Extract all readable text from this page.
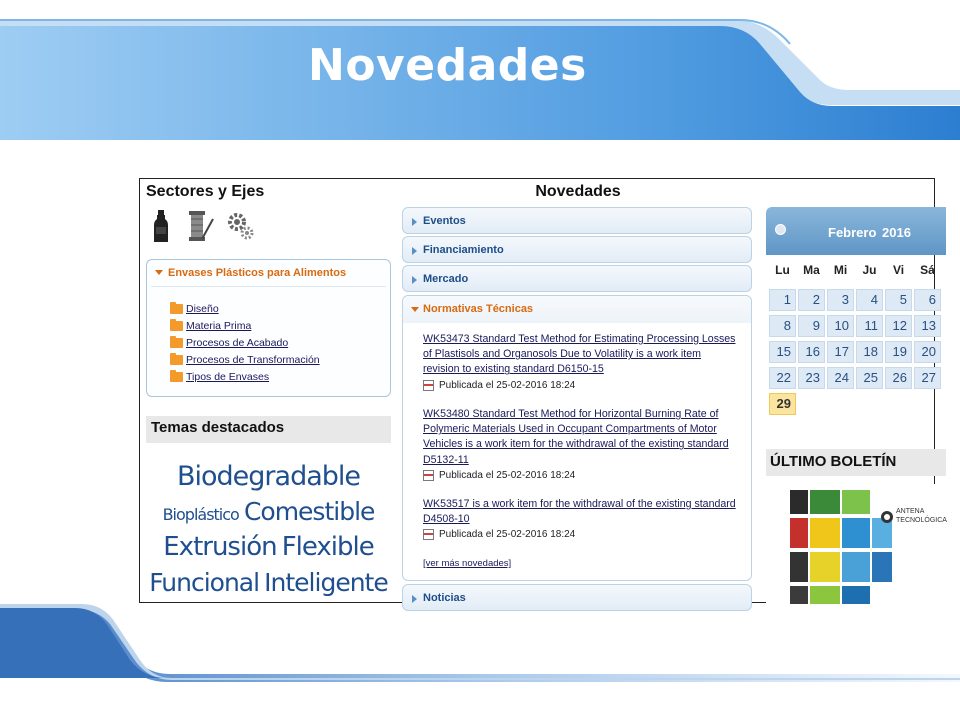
Novedades
Sectores y Ejes
Envases Plásticos para Alimentos
Diseño
Materia Prima
Procesos de Acabado
Procesos de Transformación
Tipos de Envases
Temas destacados
Biodegradable
Bioplástico Comestible
Extrusión Flexible
Funcional Inteligente
Novedades
Eventos
Financiamiento
Mercado
Normativas Técnicas
WK53473 Standard Test Method for Estimating Processing Losses of Plastisols and Organosols Due to Volatility is a work item revision to existing standard D6150-15
Publicada el 25-02-2016 18:24
WK53480 Standard Test Method for Horizontal Burning Rate of Polymeric Materials Used in Occupant Compartments of Motor Vehicles is a work item for the withdrawal of the existing standard D5132-11
Publicada el 25-02-2016 18:24
WK53517 is a work item for the withdrawal of the existing standard D4508-10
Publicada el 25-02-2016 18:24
[ver más novedades]
Noticias
Febrero 2016
Lu	Ma	Mi	Ju	Vi	Sá
1	2	3	4	5	6
8	9	10	11	12	13
15	16	17	18	19	20
22	23	24	25	26	27
29
ÚLTIMO BOLETÍN
ANTENA
TECNOLÓGICA
